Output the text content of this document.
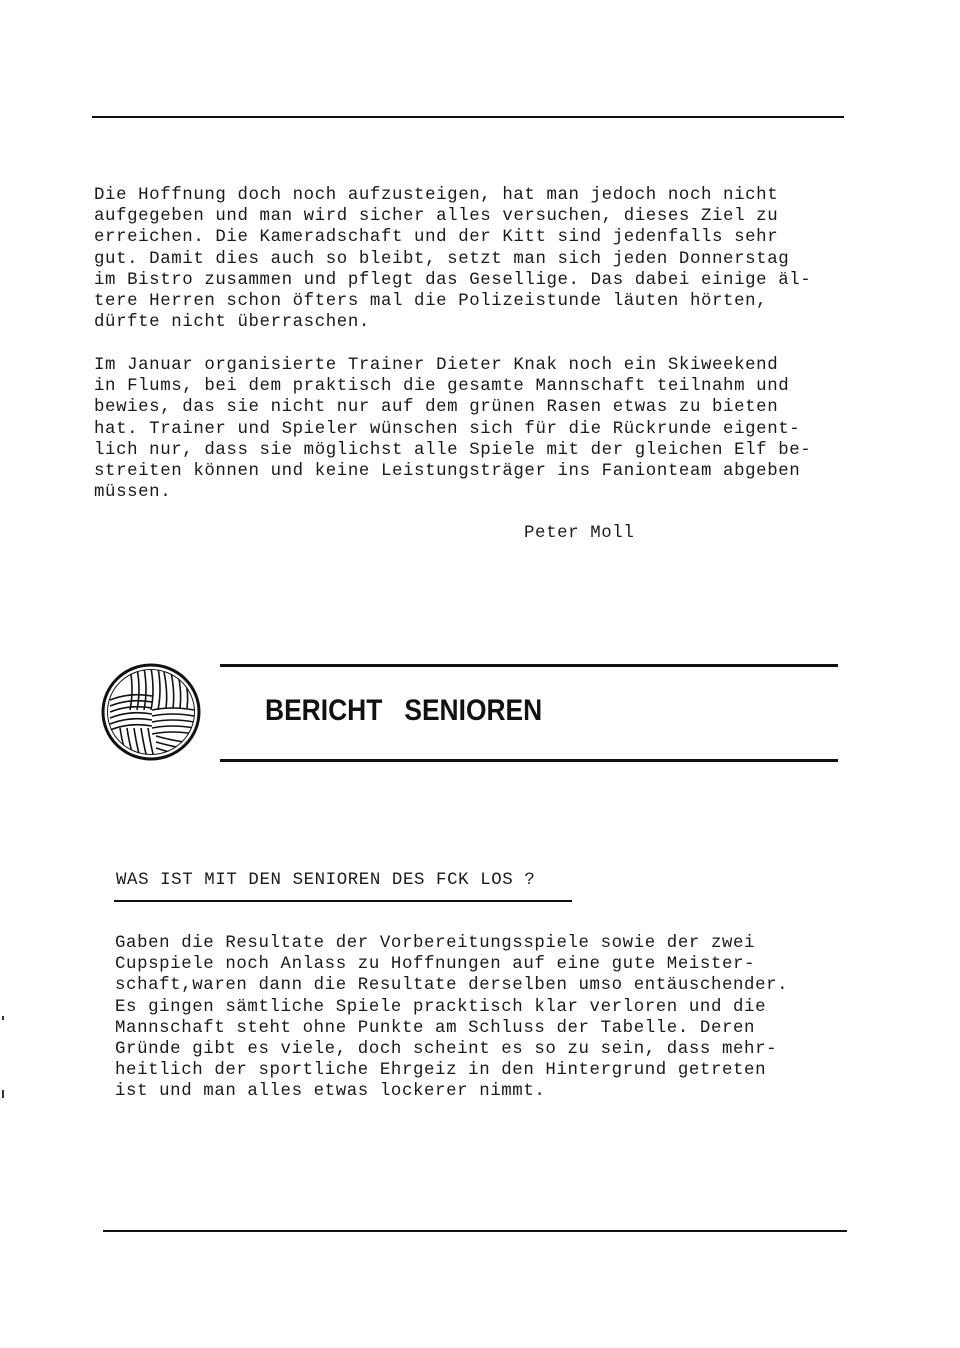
Die Hoffnung doch noch aufzusteigen, hat man jedoch noch nicht
aufgegeben und man wird sicher alles versuchen, dieses Ziel zu
erreichen. Die Kameradschaft und der Kitt sind jedenfalls sehr
gut. Damit dies auch so bleibt, setzt man sich jeden Donnerstag
im Bistro zusammen und pflegt das Gesellige. Das dabei einige äl-
tere Herren schon öfters mal die Polizeistunde läuten hörten,
dürfte nicht überraschen.

Im Januar organisierte Trainer Dieter Knak noch ein Skiweekend
in Flums, bei dem praktisch die gesamte Mannschaft teilnahm und
bewies, das sie nicht nur auf dem grünen Rasen etwas zu bieten
hat. Trainer und Spieler wünschen sich für die Rückrunde eigent-
lich nur, dass sie möglichst alle Spiele mit der gleichen Elf be-
streiten können und keine Leistungsträger ins Fanionteam abgeben
müssen.

Peter Moll
BERICHT   SENIOREN
WAS IST MIT DEN SENIOREN DES FCK LOS ?

Gaben die Resultate der Vorbereitungsspiele sowie der zwei
Cupspiele noch Anlass zu Hoffnungen auf eine gute Meister-
schaft,waren dann die Resultate derselben umso entäuschender.
Es gingen sämtliche Spiele pracktisch klar verloren und die
Mannschaft steht ohne Punkte am Schluss der Tabelle. Deren
Gründe gibt es viele, doch scheint es so zu sein, dass mehr-
heitlich der sportliche Ehrgeiz in den Hintergrund getreten
ist und man alles etwas lockerer nimmt.
